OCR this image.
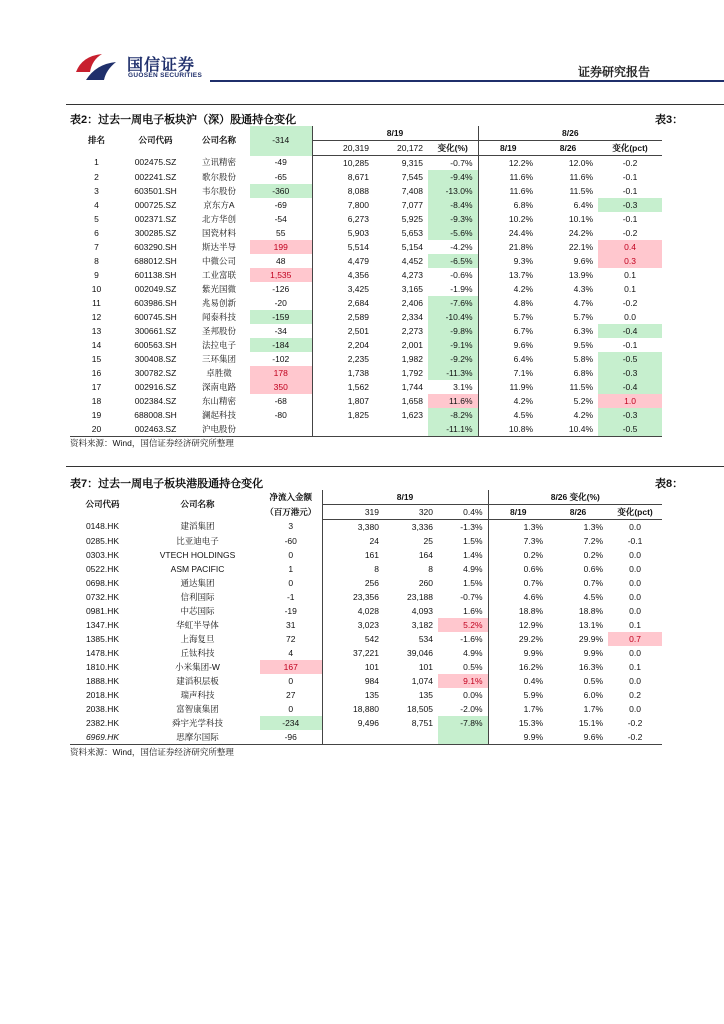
国信证券
GUOSEN SECURITIES	证券研究报告
表2：过去一周电子板块沪（深）股通持仓变化	表3：
排名	公司代码	公司名称	-314	8/19			8/26		
				20,319	20,172	变化(%)	8/19	8/26	变化(pct)
1	002475.SZ	立讯精密	-49	10,285	9,315	-0.7%	12.2%	12.0%	-0.2
2	002241.SZ	歌尔股份	-65	8,671	7,545	-9.4%	11.6%	11.6%	-0.1
3	603501.SH	韦尔股份	-360	8,088	7,408	-13.0%	11.6%	11.5%	-0.1
4	000725.SZ	京东方A	-69	7,800	7,077	-8.4%	6.8%	6.4%	-0.3
5	002371.SZ	北方华创	-54	6,273	5,925	-9.3%	10.2%	10.1%	-0.1
6	300285.SZ	国瓷材料	55	5,903	5,653	-5.6%	24.4%	24.2%	-0.2
7	603290.SH	斯达半导	199	5,514	5,154	-4.2%	21.8%	22.1%	0.4
8	688012.SH	中微公司	48	4,479	4,452	-6.5%	9.3%	9.6%	0.3
9	601138.SH	工业富联	1,535	4,356	4,273	-0.6%	13.7%	13.9%	0.1
10	002049.SZ	紫光国微	-126	3,425	3,165	-1.9%	4.2%	4.3%	0.1
11	603986.SH	兆易创新	-20	2,684	2,406	-7.6%	4.8%	4.7%	-0.2
12	600745.SH	闻泰科技	-159	2,589	2,334	-10.4%	5.7%	5.7%	0.0
13	300661.SZ	圣邦股份	-34	2,501	2,273	-9.8%	6.7%	6.3%	-0.4
14	600563.SH	法拉电子	-184	2,204	2,001	-9.1%	9.6%	9.5%	-0.1
15	300408.SZ	三环集团	-102	2,235	1,982	-9.2%	6.4%	5.8%	-0.5
16	300782.SZ	卓胜微	178	1,738	1,792	-11.3%	7.1%	6.8%	-0.3
17	002916.SZ	深南电路	350	1,562	1,744	3.1%	11.9%	11.5%	-0.4
18	002384.SZ	东山精密	-68	1,807	1,658	11.6%	4.2%	5.2%	1.0
19	688008.SH	澜起科技	-80	1,825	1,623	-8.2%	4.5%	4.2%	-0.3
20	002463.SZ	沪电股份				-11.1%	10.8%	10.4%	-0.5
资料来源：Wind，国信证券经济研究所整理
表7：过去一周电子板块港股通持仓变化	表8：
公司代码	公司名称	净流入金额	8/19			8/26 变化(%)		
		（百万港元）	319	320	0.4%	8/19	8/26	变化(pct)
0148.HK	建滔集团	3	3,380	3,336	-1.3%	1.3%	1.3%	0.0
0285.HK	比亚迪电子	-60	24	25	1.5%	7.3%	7.2%	-0.1
0303.HK	VTECH HOLDINGS	0	161	164	1.4%	0.2%	0.2%	0.0
0522.HK	ASM PACIFIC	1	8	8	4.9%	0.6%	0.6%	0.0
0698.HK	通达集团	0	256	260	1.5%	0.7%	0.7%	0.0
0732.HK	信利国际	-1	23,356	23,188	-0.7%	4.6%	4.5%	0.0
0981.HK	中芯国际	-19	4,028	4,093	1.6%	18.8%	18.8%	0.0
1347.HK	华虹半导体	31	3,023	3,182	5.2%	12.9%	13.1%	0.1
1385.HK	上海复旦	72	542	534	-1.6%	29.2%	29.9%	0.7
1478.HK	丘钛科技	4	37,221	39,046	4.9%	9.9%	9.9%	0.0
1810.HK	小米集团-W	167	101	101	0.5%	16.2%	16.3%	0.1
1888.HK	建滔积层板	0	984	1,074	9.1%	0.4%	0.5%	0.0
2018.HK	瑞声科技	27	135	135	0.0%	5.9%	6.0%	0.2
2038.HK	富智康集团	0	18,880	18,505	-2.0%	1.7%	1.7%	0.0
2382.HK	舜宇光学科技	-234	9,496	8,751	-7.8%	15.3%	15.1%	-0.2
6969.HK	思摩尔国际	-96				9.9%	9.6%	-0.2
资料来源：Wind，国信证券经济研究所整理
